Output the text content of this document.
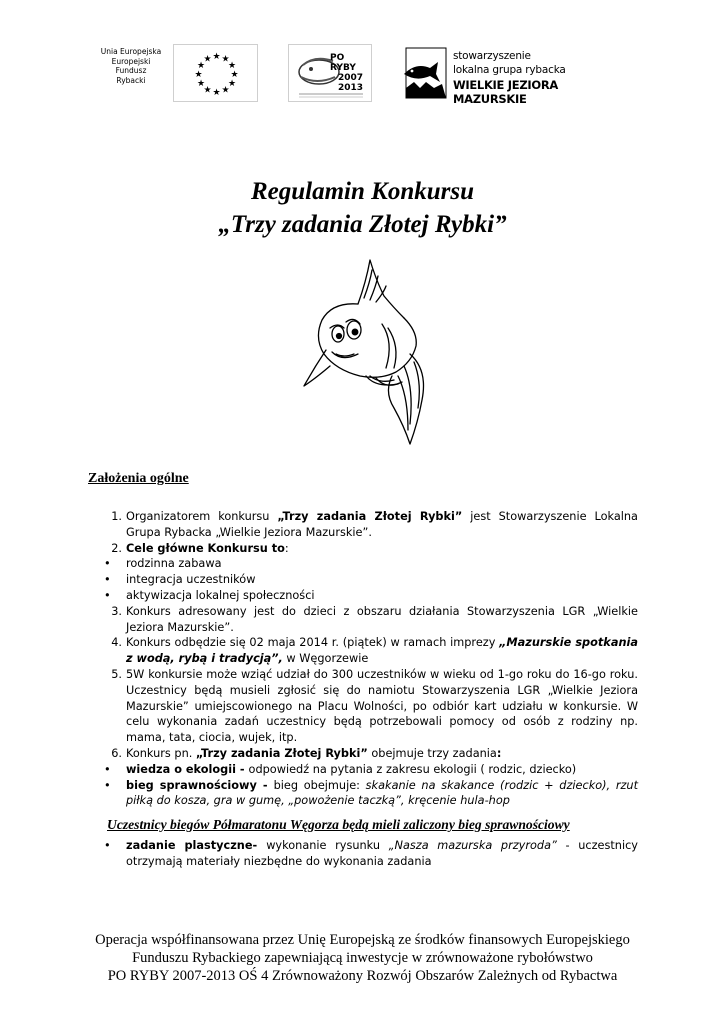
Unia Europejska
Europejski
Fundusz
Rybacki
★ ★
★
★
★
★
★
★
★
★
★
★	PO RYBY
2007
2013
stowarzyszenie
lokalna grupa rybacka
WIELKIE JEZIORA MAZURSKIE
Regulamin Konkursu
„Trzy zadania Złotej Rybki”
Założenia ogólne
1. Organizatorem konkursu „Trzy zadania Złotej Rybki” jest Stowarzyszenie Lokalna Grupa Rybacka „Wielkie Jeziora Mazurskie”.
2. Cele główne Konkursu to:
• rodzinna zabawa
• integracja uczestników
• aktywizacja lokalnej społeczności
3. Konkurs adresowany jest do dzieci z obszaru działania Stowarzyszenia LGR „Wielkie Jeziora Mazurskie”.
4. Konkurs odbędzie się 02 maja 2014 r. (piątek) w ramach imprezy „Mazurskie spotkania z wodą, rybą i tradycją”, w Węgorzewie
5. 5W konkursie może wziąć udział do 300 uczestników w wieku od 1-go roku do 16-go roku. Uczestnicy będą musieli zgłosić się do namiotu Stowarzyszenia LGR „Wielkie Jeziora Mazurskie” umiejscowionego na Placu Wolności, po odbiór kart udziału w konkursie. W celu wykonania zadań uczestnicy będą potrzebowali pomocy od osób z rodziny np. mama, tata, ciocia, wujek, itp.
6. Konkurs pn. „Trzy zadania Złotej Rybki” obejmuje trzy zadania:
• wiedza o ekologii - odpowiedź na pytania z zakresu ekologii ( rodzic, dziecko)
• bieg sprawnościowy - bieg obejmuje: skakanie na skakance (rodzic + dziecko), rzut piłką do kosza, gra w gumę, „powożenie taczką”, kręcenie hula-hop
Uczestnicy biegów Półmaratonu Węgorza będą mieli zaliczony bieg sprawnościowy
• zadanie plastyczne- wykonanie rysunku „Nasza mazurska przyroda” - uczestnicy otrzymają materiały niezbędne do wykonania zadania
Operacja współfinansowana przez Unię Europejską ze środków finansowych Europejskiego
Funduszu Rybackiego zapewniającą inwestycje w zrównoważone rybołówstwo
PO RYBY 2007-2013 OŚ 4 Zrównoważony Rozwój Obszarów Zależnych od Rybactwa
